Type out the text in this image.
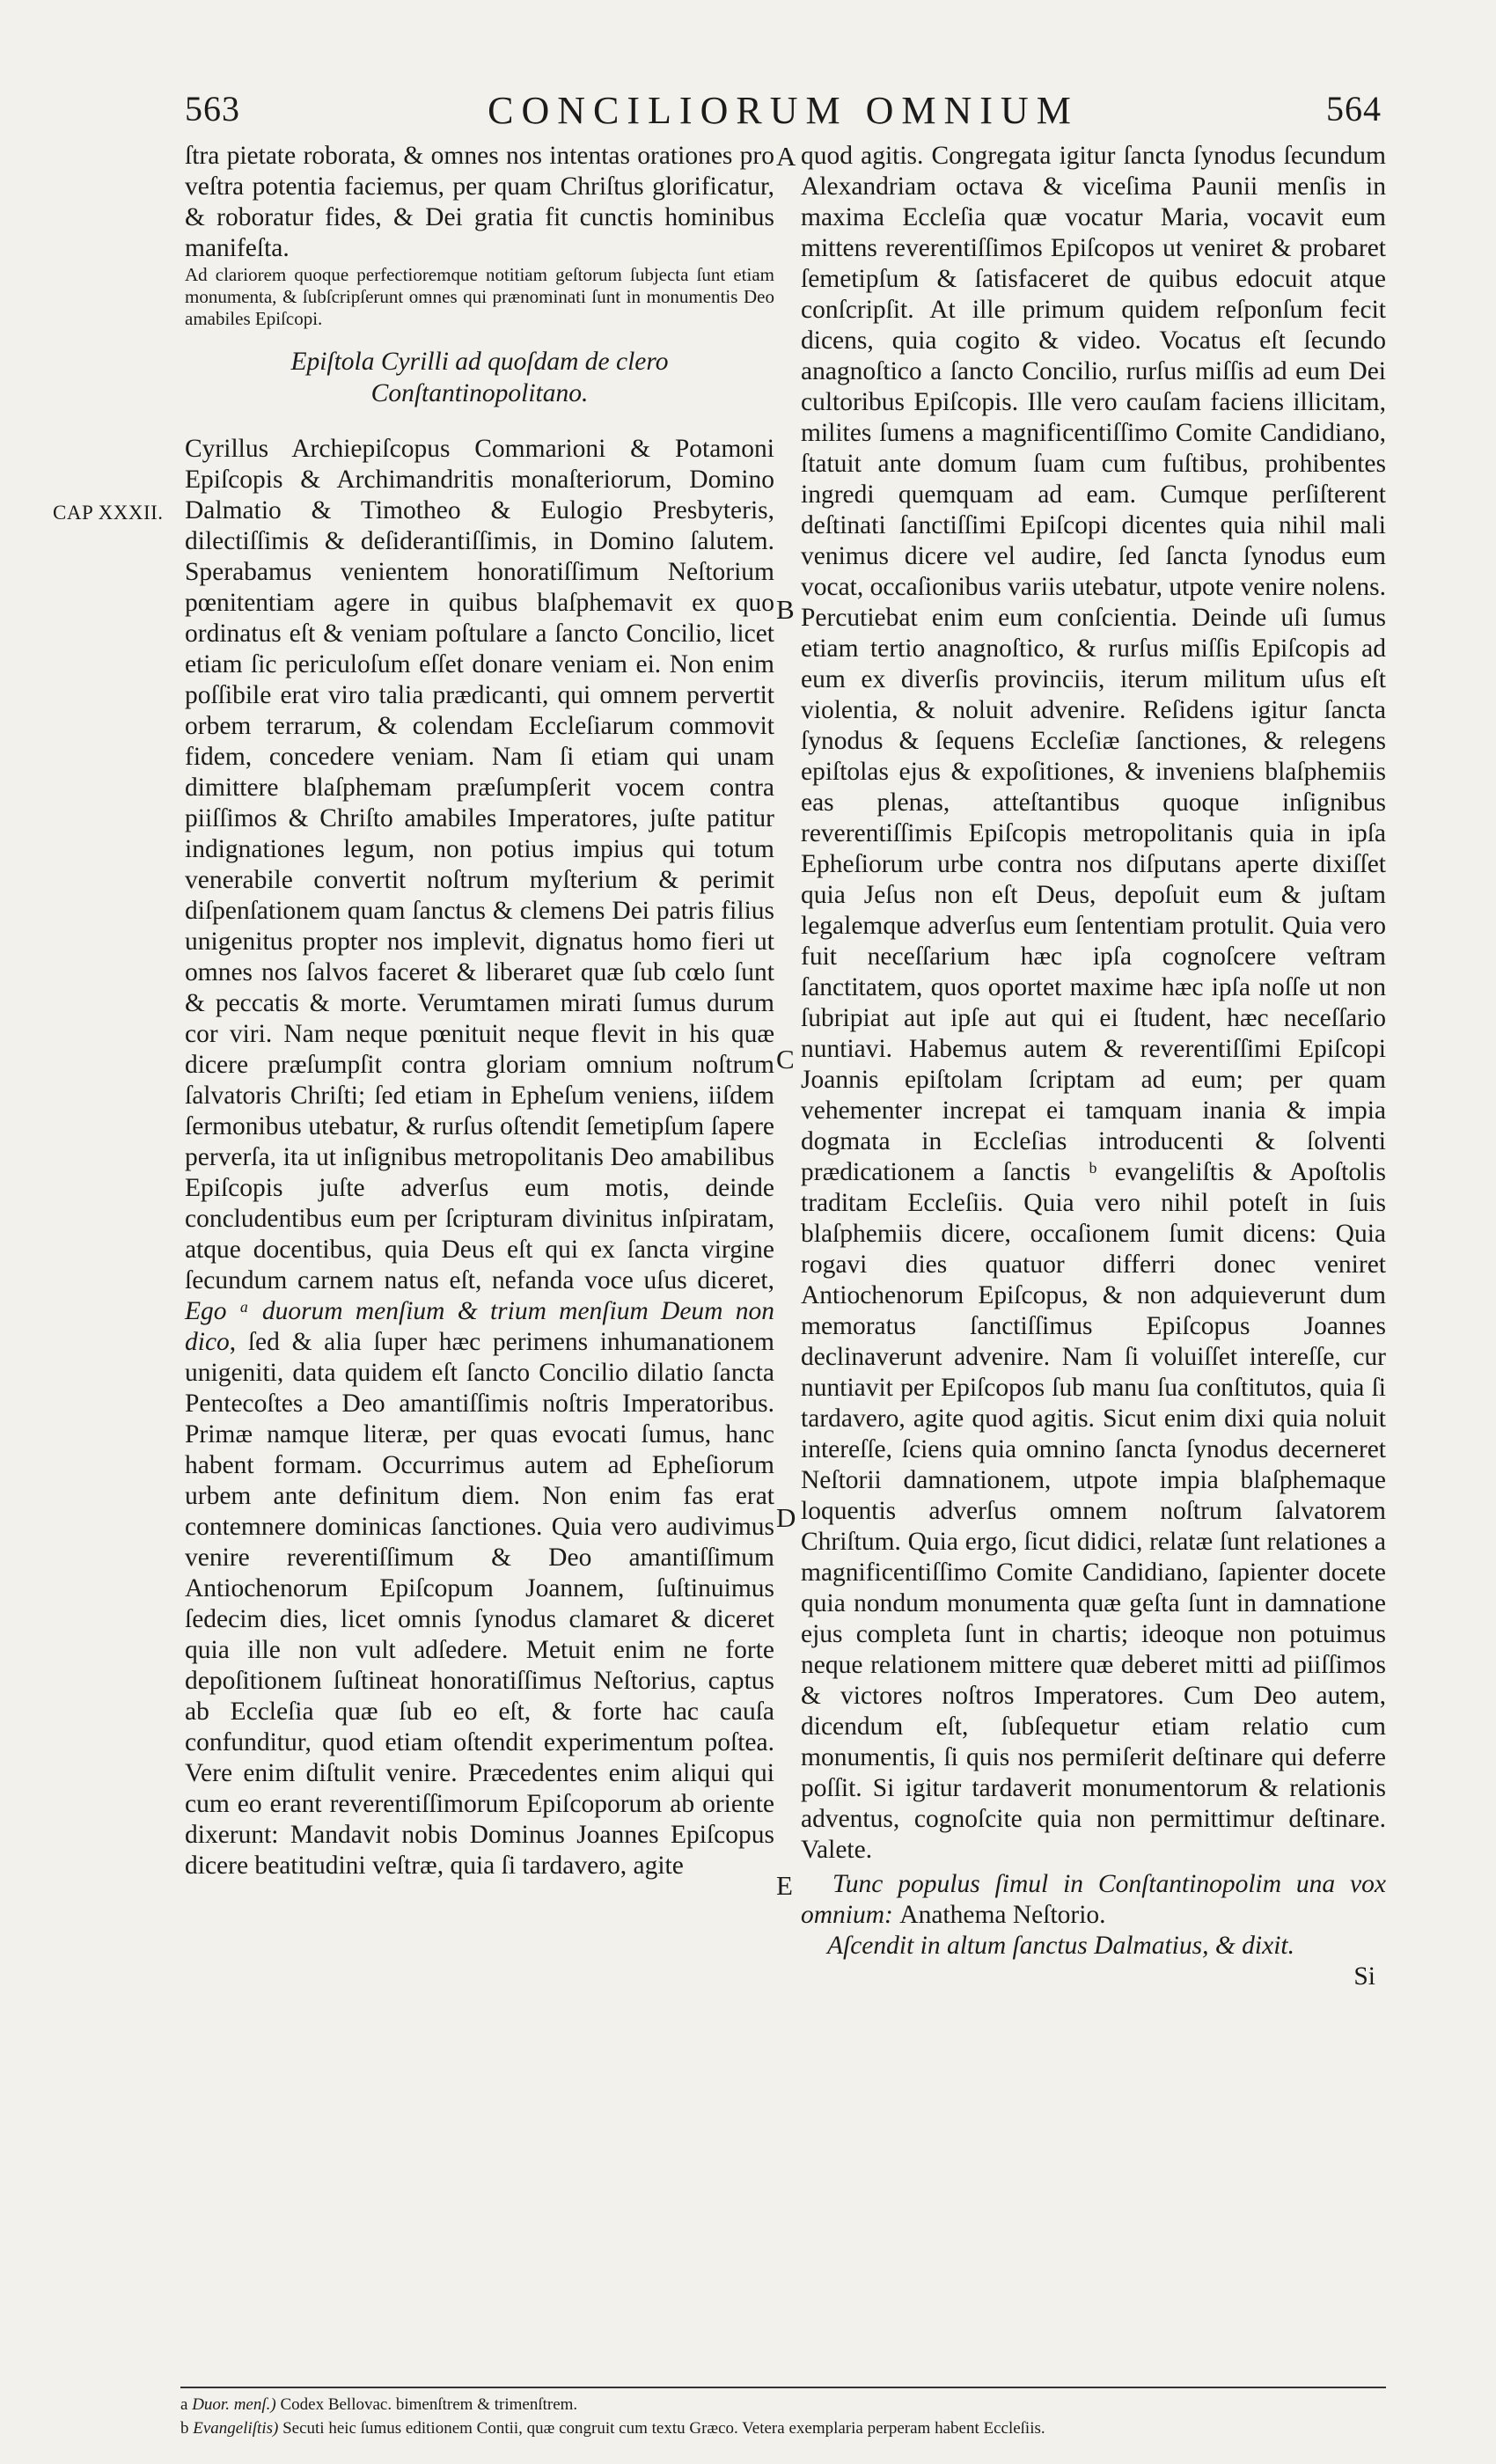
563	CONCILIORUM OMNIUM	564
CAP XXXII.
A
B
C
D
E

ſtra pietate roborata, & omnes nos intentas orationes pro veſtra potentia faciemus, per quam Chriſtus glorificatur, & roboratur fides, & Dei gratia fit cunctis hominibus manifeſta.

Ad clariorem quoque perfectioremque notitiam geſtorum ſubjecta ſunt etiam monumenta, & ſubſcripſerunt omnes qui prænominati ſunt in monumentis Deo amabiles Epiſcopi.

Epiſtola Cyrilli ad quoſdam de clero
Conſtantinopolitano.

Cyrillus Archiepiſcopus Commarioni & Potamoni Epiſcopis & Archimandritis monaſteriorum, Domino Dalmatio & Timotheo & Eulogio Presbyteris, dilectiſſimis & deſiderantiſſimis, in Domino ſalutem. Sperabamus venientem honoratiſſimum Neſtorium pœnitentiam agere in quibus blaſphemavit ex quo ordinatus eſt & veniam poſtulare a ſancto Concilio, licet etiam ſic periculoſum eſſet donare veniam ei. Non enim poſſibile erat viro talia prædicanti, qui omnem pervertit orbem terrarum, & colendam Eccleſiarum commovit fidem, concedere veniam. Nam ſi etiam qui unam dimittere blaſphemam præſumpſerit vocem contra piiſſimos & Chriſto amabiles Imperatores, juſte patitur indignationes legum, non potius impius qui totum venerabile convertit noſtrum myſterium & perimit diſpenſationem quam ſanctus & clemens Dei patris filius unigenitus propter nos implevit, dignatus homo fieri ut omnes nos ſalvos faceret & liberaret quæ ſub cœlo ſunt & peccatis & morte. Verumtamen mirati ſumus durum cor viri. Nam neque pœnituit neque flevit in his quæ dicere præſumpſit contra gloriam omnium noſtrum ſalvatoris Chriſti; ſed etiam in Epheſum veniens, iiſdem ſermonibus utebatur, & rurſus oſtendit ſemetipſum ſapere perverſa, ita ut inſignibus metropolitanis Deo amabilibus Epiſcopis juſte adverſus eum motis, deinde concludentibus eum per ſcripturam divinitus inſpiratam, atque docentibus, quia Deus eſt qui ex ſancta virgine ſecundum carnem natus eſt, nefanda voce uſus diceret, Ego ᵃ duorum menſium & trium menſium Deum non dico, ſed & alia ſuper hæc perimens inhumanationem unigeniti, data quidem eſt ſancto Concilio dilatio ſancta Pentecoſtes a Deo amantiſſimis noſtris Imperatoribus. Primæ namque literæ, per quas evocati ſumus, hanc habent formam. Occurrimus autem ad Epheſiorum urbem ante definitum diem. Non enim fas erat contemnere dominicas ſanctiones. Quia vero audivimus venire reverentiſſimum & Deo amantiſſimum Antiochenorum Epiſcopum Joannem, ſuſtinuimus ſedecim dies, licet omnis ſynodus clamaret & diceret quia ille non vult adſedere. Metuit enim ne forte depoſitionem ſuſtineat honoratiſſimus Neſtorius, captus ab Eccleſia quæ ſub eo eſt, & forte hac cauſa confunditur, quod etiam oſtendit experimentum poſtea. Vere enim diſtulit venire. Præcedentes enim aliqui qui cum eo erant reverentiſſimorum Epiſcoporum ab oriente dixerunt: Mandavit nobis Dominus Joannes Epiſcopus dicere beatitudini veſtræ, quia ſi tardavero, agite

quod agitis. Congregata igitur ſancta ſynodus ſecundum Alexandriam octava & viceſima Paunii menſis in maxima Eccleſia quæ vocatur Maria, vocavit eum mittens reverentiſſimos Epiſcopos ut veniret & probaret ſemetipſum & ſatisfaceret de quibus edocuit atque conſcripſit. At ille primum quidem reſponſum fecit dicens, quia cogito & video. Vocatus eſt ſecundo anagnoſtico a ſancto Concilio, rurſus miſſis ad eum Dei cultoribus Epiſcopis. Ille vero cauſam faciens illicitam, milites ſumens a magnificentiſſimo Comite Candidiano, ſtatuit ante domum ſuam cum fuſtibus, prohibentes ingredi quemquam ad eam. Cumque perſiſterent deſtinati ſanctiſſimi Epiſcopi dicentes quia nihil mali venimus dicere vel audire, ſed ſancta ſynodus eum vocat, occaſionibus variis utebatur, utpote venire nolens. Percutiebat enim eum conſcientia. Deinde uſi ſumus etiam tertio anagnoſtico, & rurſus miſſis Epiſcopis ad eum ex diverſis provinciis, iterum militum uſus eſt violentia, & noluit advenire. Reſidens igitur ſancta ſynodus & ſequens Eccleſiæ ſanctiones, & relegens epiſtolas ejus & expoſitiones, & inveniens blaſphemiis eas plenas, atteſtantibus quoque inſignibus reverentiſſimis Epiſcopis metropolitanis quia in ipſa Epheſiorum urbe contra nos diſputans aperte dixiſſet quia Jeſus non eſt Deus, depoſuit eum & juſtam legalemque adverſus eum ſententiam protulit. Quia vero fuit neceſſarium hæc ipſa cognoſcere veſtram ſanctitatem, quos oportet maxime hæc ipſa noſſe ut non ſubripiat aut ipſe aut qui ei ſtudent, hæc neceſſario nuntiavi. Habemus autem & reverentiſſimi Epiſcopi Joannis epiſtolam ſcriptam ad eum; per quam vehementer increpat ei tamquam inania & impia dogmata in Eccleſias introducenti & ſolventi prædicationem a ſanctis ᵇ evangeliſtis & Apoſtolis traditam Eccleſiis. Quia vero nihil poteſt in ſuis blaſphemiis dicere, occaſionem ſumit dicens: Quia rogavi dies quatuor differri donec veniret Antiochenorum Epiſcopus, & non adquieverunt dum memoratus ſanctiſſimus Epiſcopus Joannes declinaverunt advenire. Nam ſi voluiſſet intereſſe, cur nuntiavit per Epiſcopos ſub manu ſua conſtitutos, quia ſi tardavero, agite quod agitis. Sicut enim dixi quia noluit intereſſe, ſciens quia omnino ſancta ſynodus decerneret Neſtorii damnationem, utpote impia blaſphemaque loquentis adverſus omnem noſtrum ſalvatorem Chriſtum. Quia ergo, ſicut didici, relatæ ſunt relationes a magnificentiſſimo Comite Candidiano, ſapienter docete quia nondum monumenta quæ geſta ſunt in damnatione ejus completa ſunt in chartis; ideoque non potuimus neque relationem mittere quæ deberet mitti ad piiſſimos & victores noſtros Imperatores. Cum Deo autem, dicendum eſt, ſubſequetur etiam relatio cum monumentis, ſi quis nos permiſerit deſtinare qui deferre poſſit. Si igitur tardaverit monumentorum & relationis adventus, cognoſcite quia non permittimur deſtinare. Valete.

Tunc populus ſimul in Conſtantinopolim una vox omnium: Anathema Neſtorio.

Aſcendit in altum ſanctus Dalmatius, & dixit.

Si

a Duor. menſ.) Codex Bellovac. bimenſtrem & trimenſtrem.

b Evangeliſtis) Secuti heic ſumus editionem Contii, quæ congruit cum textu Græco. Vetera exemplaria perperam habent Eccleſiis.
